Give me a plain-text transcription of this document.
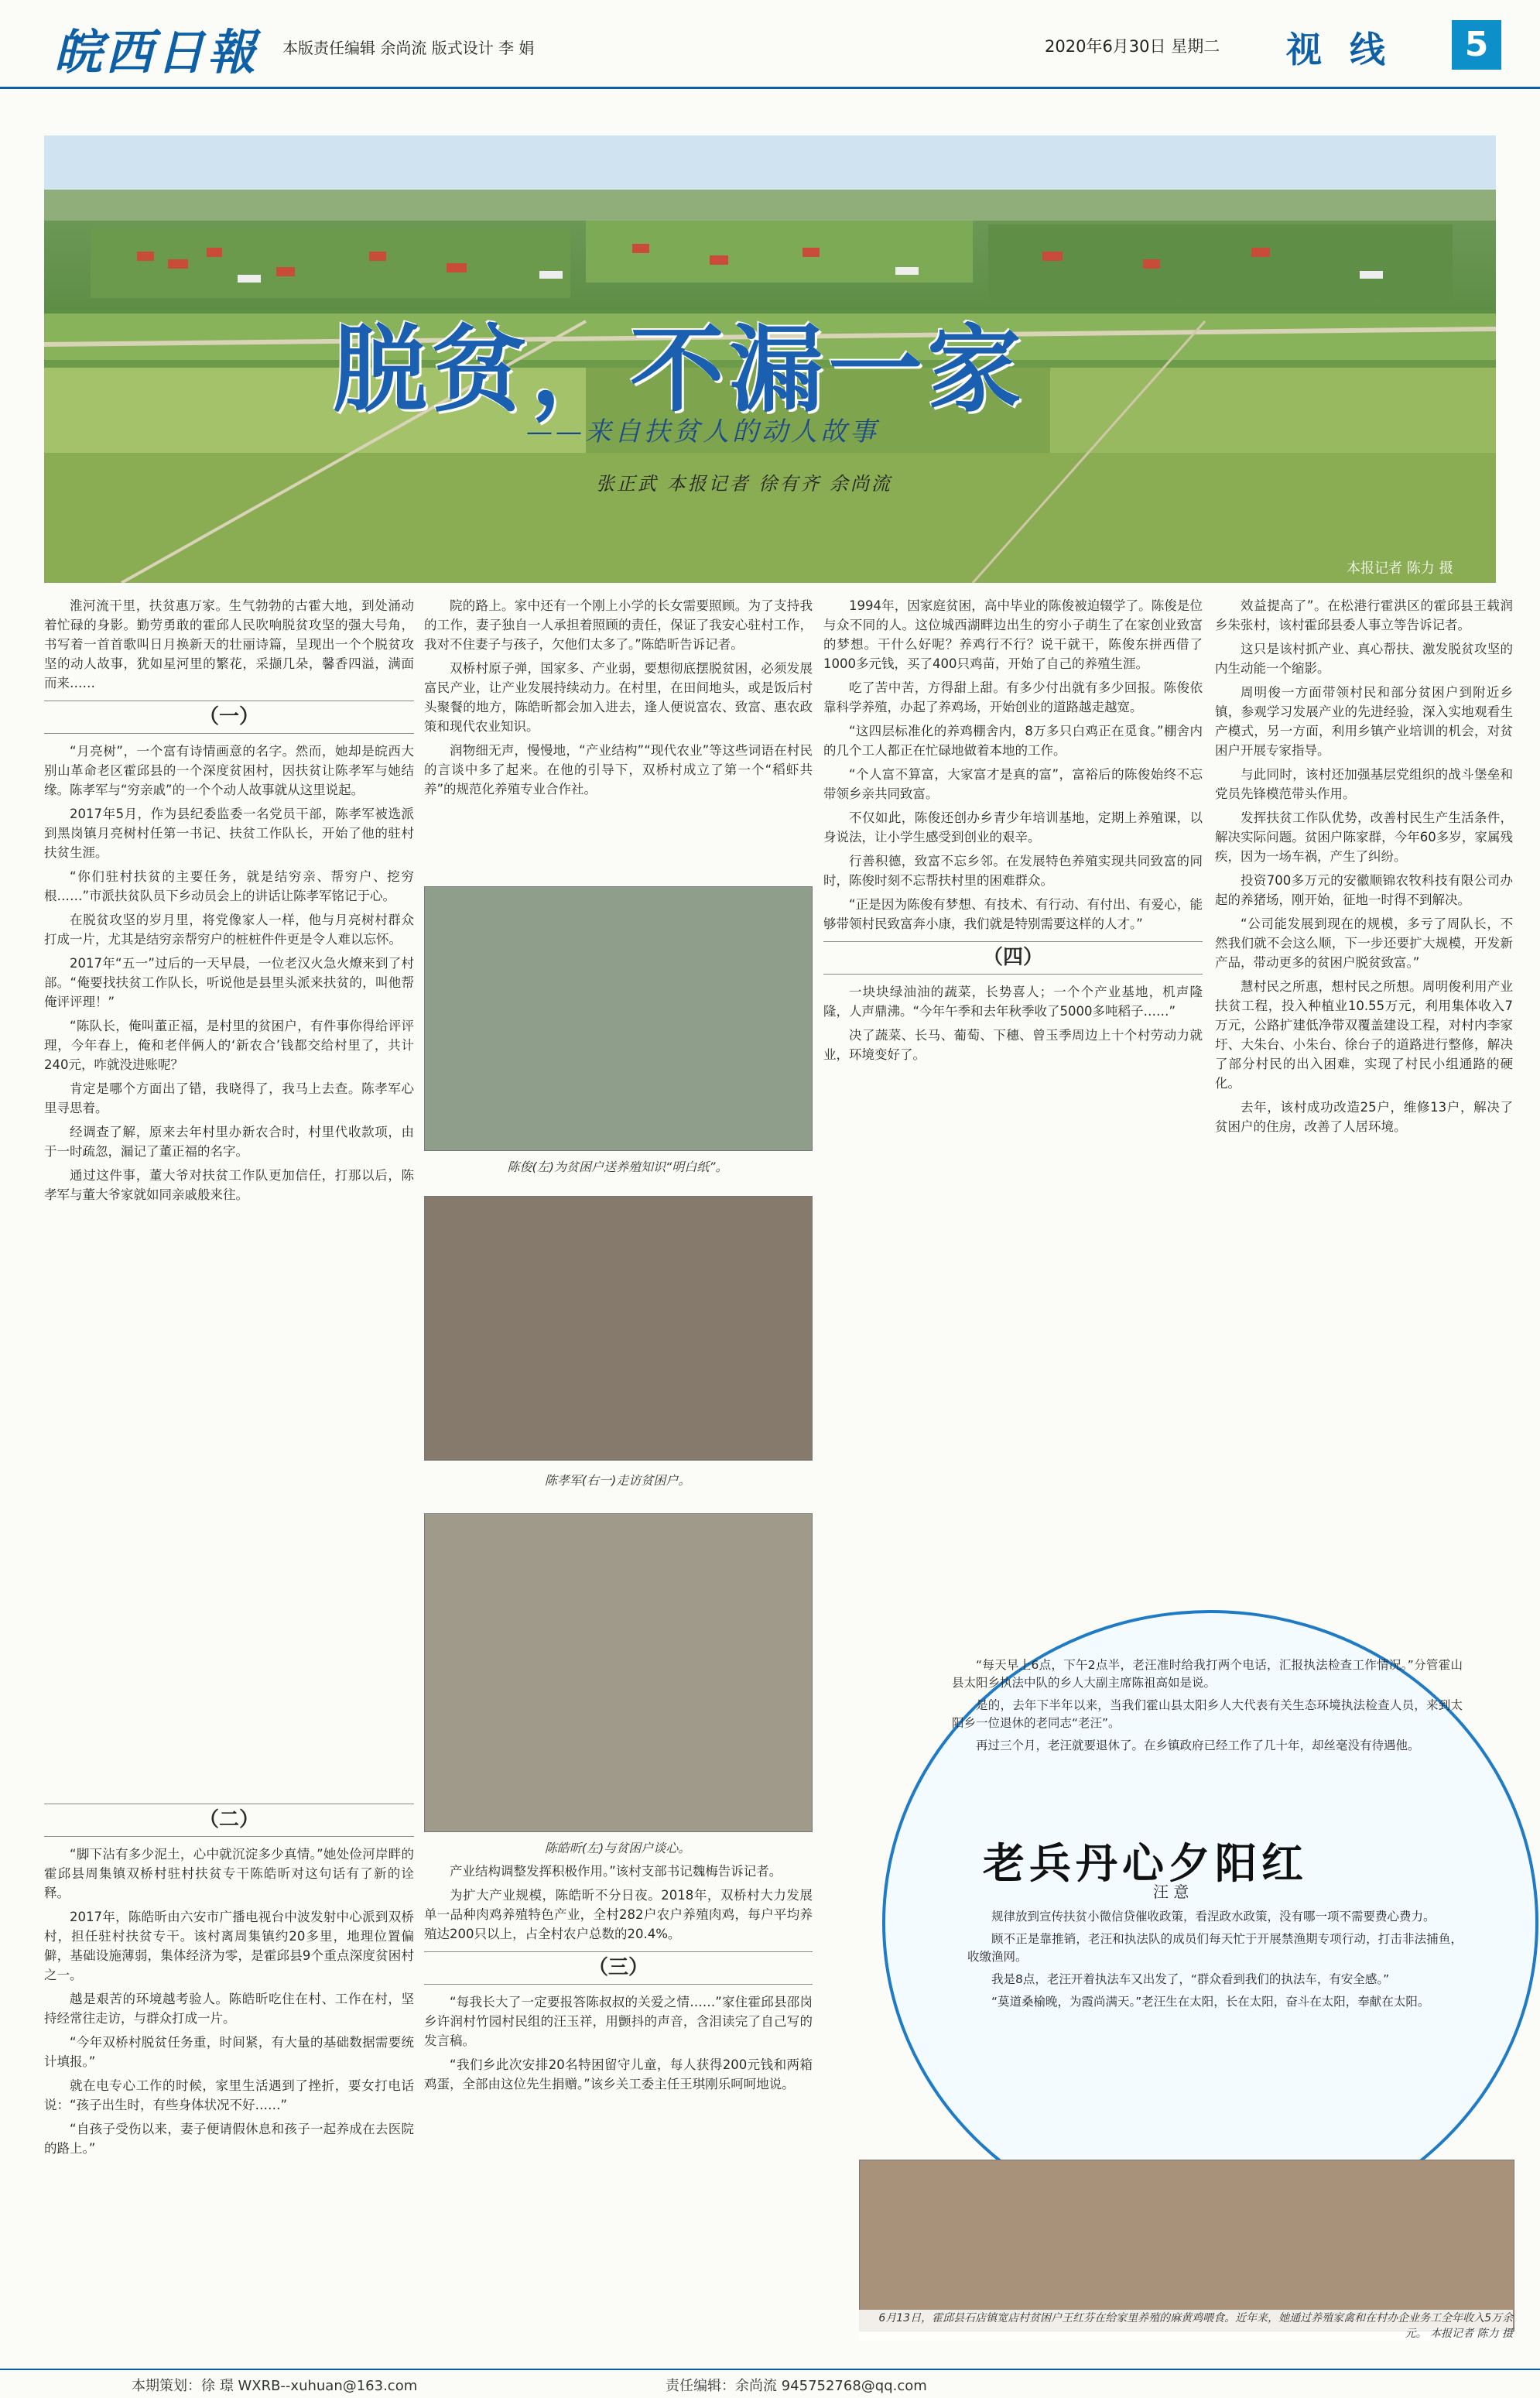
皖西日報 本版责任编辑 余尚流 版式设计 李 娟	2020年6月30日 星期二 视 线	5
脱贫，不漏一家
——来自扶贫人的动人故事
张正武 本报记者 徐有齐 余尚流
本报记者 陈力 摄

淮河流干里，扶贫惠万家。生气勃勃的古霍大地，到处涌动着忙碌的身影。勤劳勇敢的霍邱人民吹响脱贫攻坚的强大号角，书写着一首首歌叫日月换新天的壮丽诗篇，呈现出一个个脱贫攻坚的动人故事，犹如星河里的繁花，采撷几朵，馨香四溢，满面而来……

（一）

“月亮树”，一个富有诗情画意的名字。然而，她却是皖西大别山革命老区霍邱县的一个深度贫困村，因扶贫让陈孝军与她结缘。陈孝军与“穷亲戚”的一个个动人故事就从这里说起。

2017年5月，作为县纪委监委一名党员干部，陈孝军被选派到黑岗镇月亮树村任第一书记、扶贫工作队长，开始了他的驻村扶贫生涯。

“你们驻村扶贫的主要任务，就是结穷亲、帮穷户、挖穷根……”市派扶贫队员下乡动员会上的讲话让陈孝军铭记于心。

在脱贫攻坚的岁月里，将党像家人一样，他与月亮树村群众打成一片，尤其是结穷亲帮穷户的桩桩件件更是令人难以忘怀。

2017年“五一”过后的一天早晨，一位老汉火急火燎来到了村部。“俺要找扶贫工作队长，听说他是县里头派来扶贫的，叫他帮俺评评理！”

“陈队长，俺叫董正福，是村里的贫困户，有件事你得给评评理，今年春上，俺和老伴俩人的‘新农合’钱都交给村里了，共计240元，咋就没进账呢？

肯定是哪个方面出了错，我晓得了，我马上去查。陈孝军心里寻思着。

经调查了解，原来去年村里办新农合时，村里代收款项，由于一时疏忽，漏记了董正福的名字。

通过这件事，董大爷对扶贫工作队更加信任，打那以后，陈孝军与董大爷家就如同亲戚般来往。

（二）

“脚下沾有多少泥土，心中就沉淀多少真情。”她处俭河岸畔的霍邱县周集镇双桥村驻村扶贫专干陈皓昕对这句话有了新的诠释。

2017年，陈皓昕由六安市广播电视台中波发射中心派到双桥村，担任驻村扶贫专干。该村离周集镇约20多里，地理位置偏僻，基础设施薄弱，集体经济为零，是霍邱县9个重点深度贫困村之一。

越是艰苦的环境越考验人。陈皓昕吃住在村、工作在村，坚持经常往走访，与群众打成一片。

“今年双桥村脱贫任务重，时间紧，有大量的基础数据需要统计填报。”

就在电专心工作的时候，家里生活遇到了挫折，要女打电话说：“孩子出生时，有些身体状况不好……”

“自孩子受伤以来，妻子便请假休息和孩子一起养成在去医院的路上。”

院的路上。家中还有一个刚上小学的长女需要照顾。为了支持我的工作，妻子独自一人承担着照顾的责任，保证了我安心驻村工作，我对不住妻子与孩子，欠他们太多了。”陈皓昕告诉记者。

双桥村原子弹，国家多、产业弱，要想彻底摆脱贫困，必须发展富民产业，让产业发展持续动力。在村里，在田间地头，或是饭后村头聚餐的地方，陈皓昕都会加入进去，逢人便说富农、致富、惠农政策和现代农业知识。

润物细无声，慢慢地，“产业结构”“现代农业”等这些词语在村民的言谈中多了起来。在他的引导下，双桥村成立了第一个“稻虾共养”的规范化养殖专业合作社。

陈俊(左)为贫困户送养殖知识“明白纸”。
陈孝军(右一)走访贫困户。
陈皓昕(左)与贫困户谈心。

产业结构调整发挥积极作用。”该村支部书记魏梅告诉记者。

为扩大产业规模，陈皓昕不分日夜。2018年，双桥村大力发展单一品种肉鸡养殖特色产业，全村282户农户养殖肉鸡，每户平均养殖达200只以上，占全村农户总数的20.4%。

（三）

“每我长大了一定要报答陈叔叔的关爱之情……”家住霍邱县邵岗乡许润村竹园村民组的汪玉祥，用颤抖的声音，含泪读完了自己写的发言稿。

“我们乡此次安排20名特困留守儿童，每人获得200元钱和两箱鸡蛋，全部由这位先生捐赠。”该乡关工委主任王琪刚乐呵呵地说。

1994年，因家庭贫困，高中毕业的陈俊被迫辍学了。陈俊是位与众不同的人。这位城西湖畔边出生的穷小子萌生了在家创业致富的梦想。干什么好呢？养鸡行不行？说干就干，陈俊东拼西借了1000多元钱，买了400只鸡苗，开始了自己的养殖生涯。

吃了苦中苦，方得甜上甜。有多少付出就有多少回报。陈俊依靠科学养殖，办起了养鸡场，开始创业的道路越走越宽。

“这四层标准化的养鸡棚舍内，8万多只白鸡正在觅食。”棚舍内的几个工人都正在忙碌地做着本地的工作。

“个人富不算富，大家富才是真的富”，富裕后的陈俊始终不忘带领乡亲共同致富。

不仅如此，陈俊还创办乡青少年培训基地，定期上养殖课，以身说法，让小学生感受到创业的艰辛。

行善积德，致富不忘乡邻。在发展特色养殖实现共同致富的同时，陈俊时刻不忘帮扶村里的困难群众。

“正是因为陈俊有梦想、有技术、有行动、有付出、有爱心，能够带领村民致富奔小康，我们就是特别需要这样的人才。”

（四）

一块块绿油油的蔬菜，长势喜人；一个个产业基地，机声隆隆，人声鼎沸。“今年午季和去年秋季收了5000多吨稻子……”

决了蔬菜、长马、葡萄、下穗、曾玉季周边上十个村劳动力就业，环境变好了。

效益提高了”。在松港行霍洪区的霍邱县王载润乡朱张村，该村霍邱县委人事立等告诉记者。

这只是该村抓产业、真心帮扶、激发脱贫攻坚的内生动能一个缩影。

周明俊一方面带领村民和部分贫困户到附近乡镇，参观学习发展产业的先进经验，深入实地观看生产模式，另一方面，利用乡镇产业培训的机会，对贫困户开展专家指导。

与此同时，该村还加强基层党组织的战斗堡垒和党员先锋模范带头作用。

发挥扶贫工作队优势，改善村民生产生活条件，解决实际问题。贫困户陈家群，今年60多岁，家属残疾，因为一场车祸，产生了纠纷。

投资700多万元的安徽顺锦农牧科技有限公司办起的养猪场，刚开始，征地一时得不到解决。

“公司能发展到现在的规模，多亏了周队长，不然我们就不会这么顺，下一步还要扩大规模，开发新产品，带动更多的贫困户脱贫致富。”

慧村民之所惠，想村民之所想。周明俊利用产业扶贫工程，投入种植业10.55万元，利用集体收入7万元，公路扩建低净带双覆盖建设工程，对村内李家圩、大朱台、小朱台、徐台子的道路进行整修，解决了部分村民的出入困难，实现了村民小组通路的硬化。

去年，该村成功改造25户，维修13户，解决了贫困户的住房，改善了人居环境。

“每天早上6点，下午2点半，老汪准时给我打两个电话，汇报执法检查工作情况。”分管霍山县太阳乡执法中队的乡人大副主席陈祖高如是说。

是的，去年下半年以来，当我们霍山县太阳乡人大代表有关生态环境执法检查人员，来到太阳乡一位退休的老同志“老汪”。

再过三个月，老汪就要退休了。在乡镇政府已经工作了几十年，却丝毫没有待遇他。

老兵丹心夕阳红
汪 意

规律放到宣传扶贫小微信贷催收政策，看涅政水政策，没有哪一项不需要费心费力。

顾不正是靠推销，老汪和执法队的成员们每天忙于开展禁渔期专项行动，打击非法捕鱼，收缴渔网。

我是8点，老汪开着执法车又出发了，“群众看到我们的执法车，有安全感。”

“莫道桑榆晚，为霞尚满天。”老汪生在太阳，长在太阳，奋斗在太阳，奉献在太阳。

6月13日，霍邱县石店镇宽店村贫困户王红芬在给家里养殖的麻黄鸡喂食。近年来，她通过养殖家禽和在村办企业务工全年收入5万余元。 本报记者 陈力 摄
本期策划：徐 璟 WXRB--xuhuan@163.com	责任编辑：余尚流 945752768@qq.com
